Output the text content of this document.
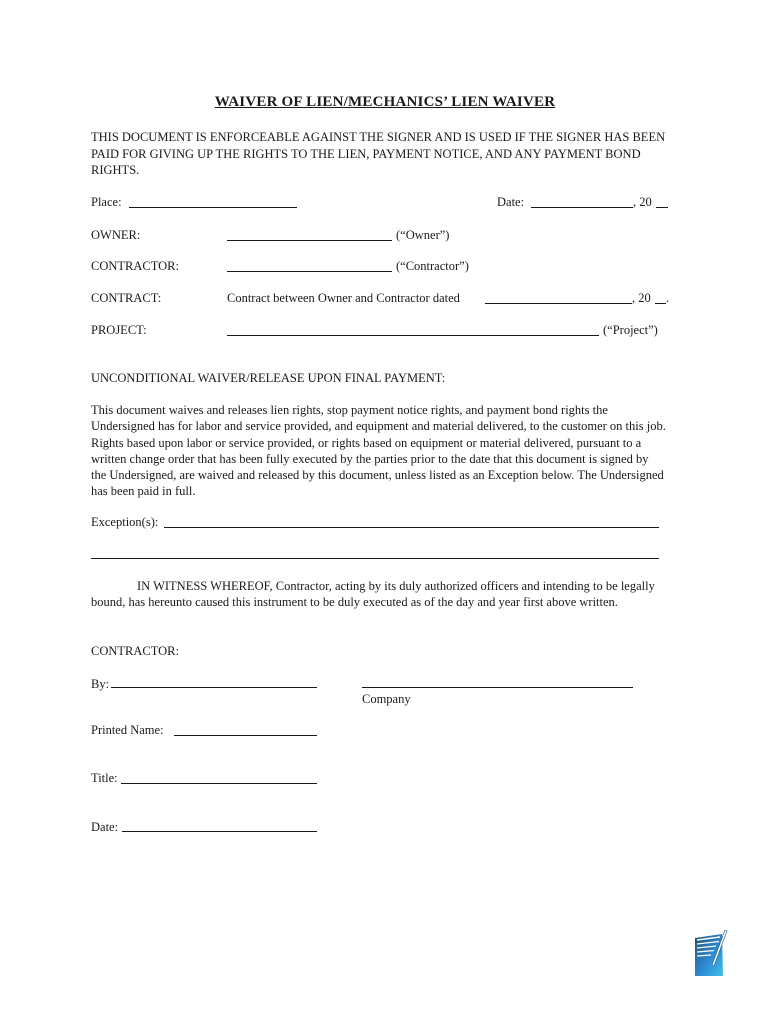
WAIVER OF LIEN/MECHANICS’ LIEN WAIVER
THIS DOCUMENT IS ENFORCEABLE AGAINST THE SIGNER AND IS USED IF THE SIGNER HAS BEEN PAID FOR GIVING UP THE RIGHTS TO THE LIEN, PAYMENT NOTICE, AND ANY PAYMENT BOND RIGHTS.
Place:	Date:	, 20
OWNER:	(“Owner”)
CONTRACTOR:	(“Contractor”)
CONTRACT:	Contract between Owner and Contractor dated	, 20 .
PROJECT:	(“Project”)
UNCONDITIONAL WAIVER/RELEASE UPON FINAL PAYMENT:
This document waives and releases lien rights, stop payment notice rights, and payment bond rights the Undersigned has for labor and service provided, and equipment and material delivered, to the customer on this job. Rights based upon labor or service provided, or rights based on equipment or material delivered, pursuant to a written change order that has been fully executed by the parties prior to the date that this document is signed by the Undersigned, are waived and released by this document, unless listed as an Exception below. The Undersigned has been paid in full.
Exception(s):
IN WITNESS WHEREOF, Contractor, acting by its duly authorized officers and intending to be legally bound, has hereunto caused this instrument to be duly executed as of the day and year first above written.
CONTRACTOR:
By:
Company
Printed Name:
Title:
Date:
